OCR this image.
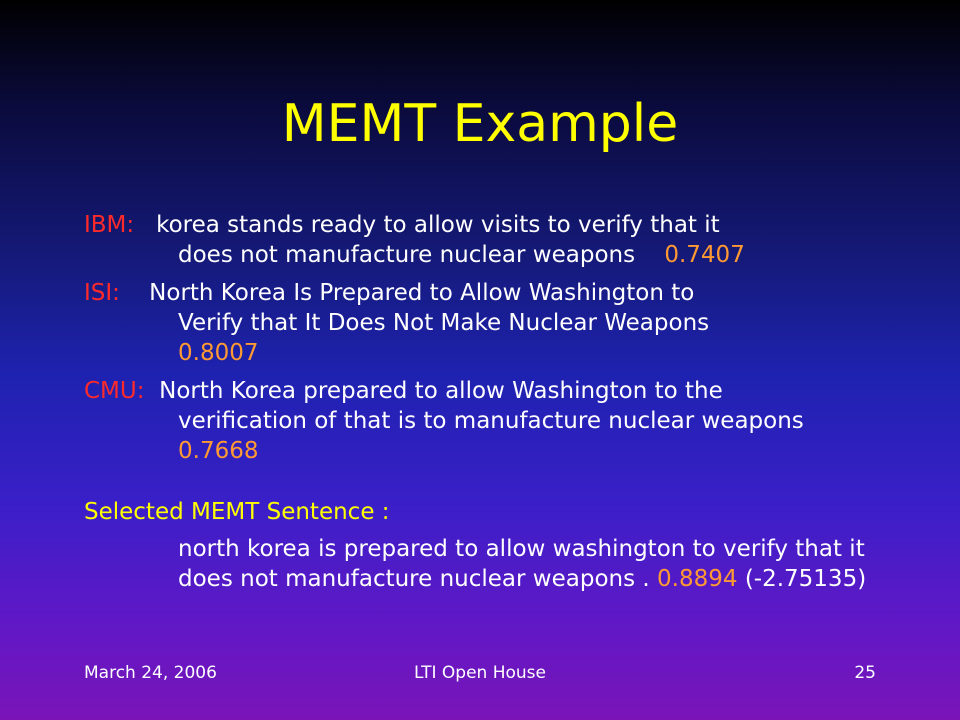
MEMT Example
IBM: korea stands ready to allow visits to verify that it
does not manufacture nuclear weapons 0.7407
ISI: North Korea Is Prepared to Allow Washington to
Verify that It Does Not Make Nuclear Weapons
0.8007
CMU: North Korea prepared to allow Washington to the
verification of that is to manufacture nuclear weapons  0.7668
Selected MEMT Sentence :
north korea is prepared to allow washington to verify that it does not manufacture nuclear weapons . 0.8894 (-2.75135)
March 24, 2006	LTI Open House	25
